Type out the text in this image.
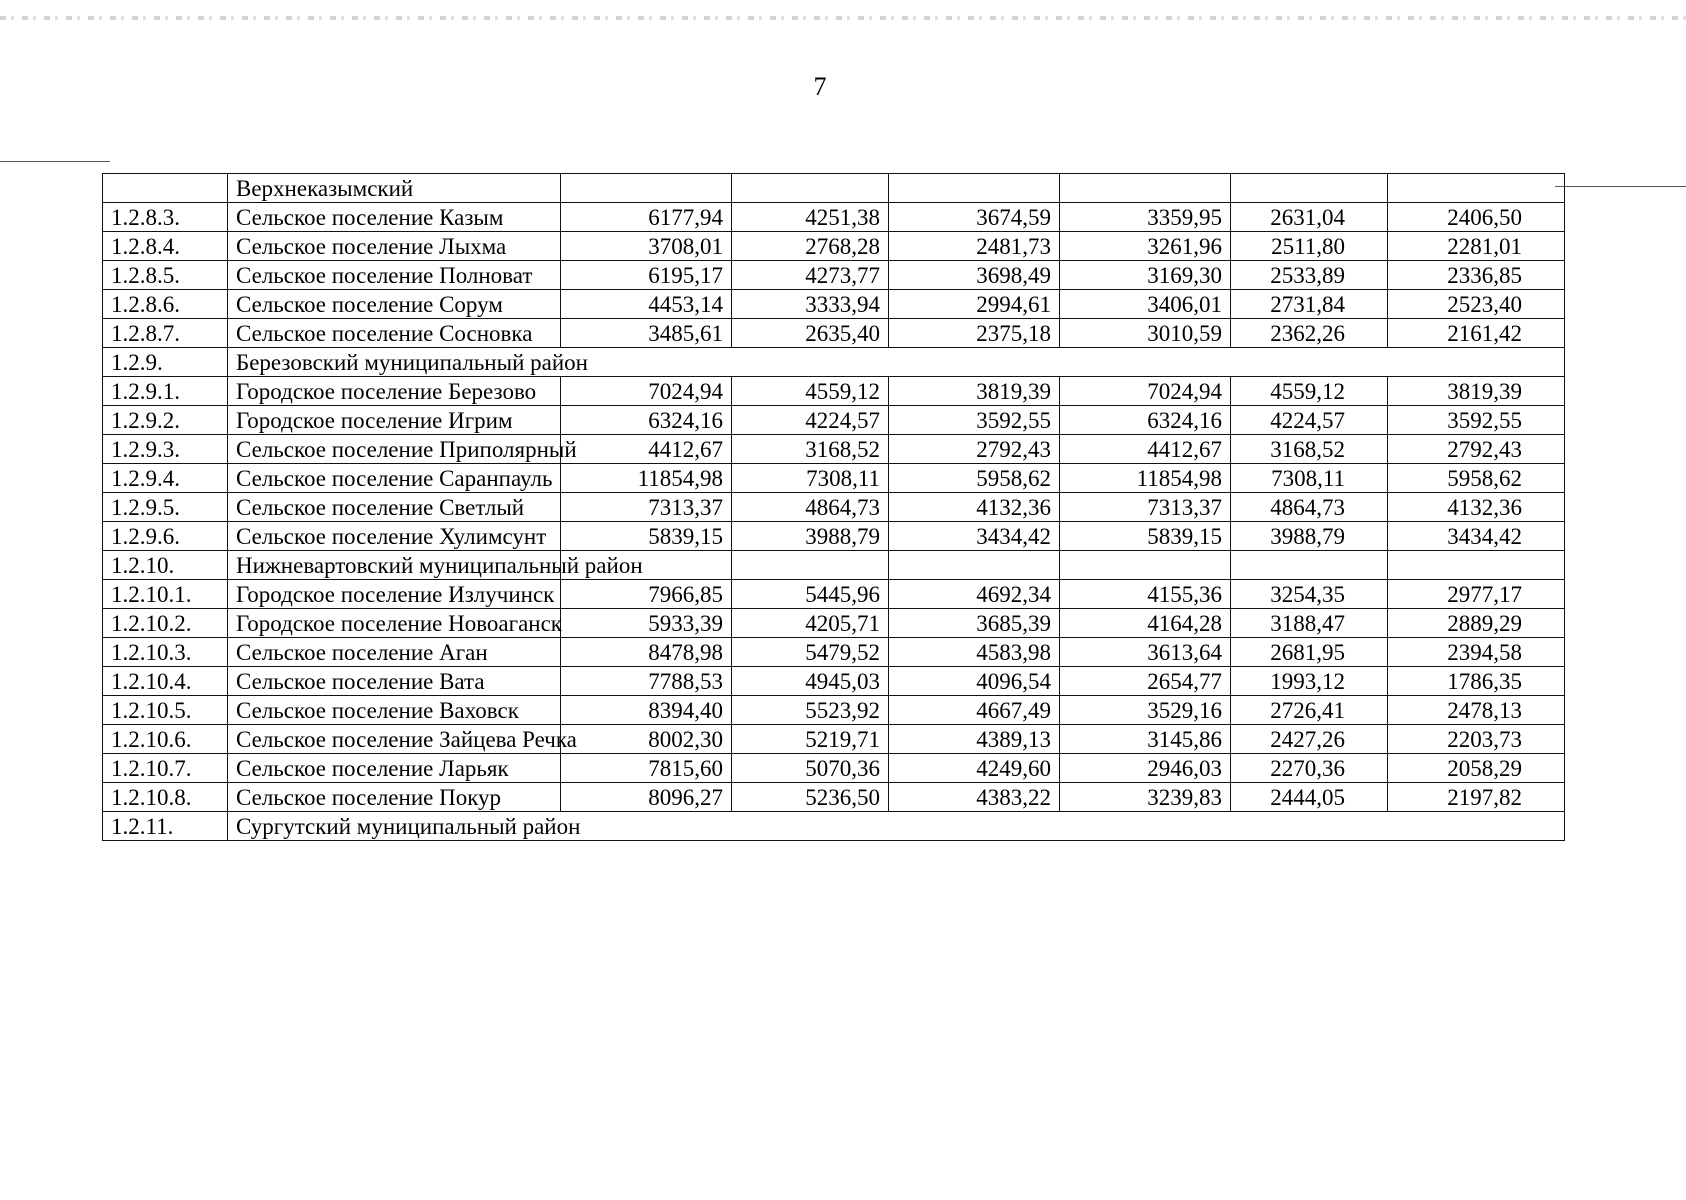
7
	Верхнеказымский						
1.2.8.3.	Сельское поселение Казым	6177,94	4251,38	3674,59	3359,95	2631,04	2406,50
1.2.8.4.	Сельское поселение Лыхма	3708,01	2768,28	2481,73	3261,96	2511,80	2281,01
1.2.8.5.	Сельское поселение Полноват	6195,17	4273,77	3698,49	3169,30	2533,89	2336,85
1.2.8.6.	Сельское поселение Сорум	4453,14	3333,94	2994,61	3406,01	2731,84	2523,40
1.2.8.7.	Сельское поселение Сосновка	3485,61	2635,40	2375,18	3010,59	2362,26	2161,42
1.2.9.	Березовский муниципальный район						
1.2.9.1.	Городское поселение Березово	7024,94	4559,12	3819,39	7024,94	4559,12	3819,39
1.2.9.2.	Городское поселение Игрим	6324,16	4224,57	3592,55	6324,16	4224,57	3592,55
1.2.9.3.	Сельское поселение Приполярный	4412,67	3168,52	2792,43	4412,67	3168,52	2792,43
1.2.9.4.	Сельское поселение Саранпауль	11854,98	7308,11	5958,62	11854,98	7308,11	5958,62
1.2.9.5.	Сельское поселение Светлый	7313,37	4864,73	4132,36	7313,37	4864,73	4132,36
1.2.9.6.	Сельское поселение Хулимсунт	5839,15	3988,79	3434,42	5839,15	3988,79	3434,42
1.2.10.	Нижневартовский муниципальный район						
1.2.10.1.	Городское поселение Излучинск	7966,85	5445,96	4692,34	4155,36	3254,35	2977,17
1.2.10.2.	Городское поселение Новоаганск	5933,39	4205,71	3685,39	4164,28	3188,47	2889,29
1.2.10.3.	Сельское поселение Аган	8478,98	5479,52	4583,98	3613,64	2681,95	2394,58
1.2.10.4.	Сельское поселение Вата	7788,53	4945,03	4096,54	2654,77	1993,12	1786,35
1.2.10.5.	Сельское поселение Ваховск	8394,40	5523,92	4667,49	3529,16	2726,41	2478,13
1.2.10.6.	Сельское поселение Зайцева Речка	8002,30	5219,71	4389,13	3145,86	2427,26	2203,73
1.2.10.7.	Сельское поселение Ларьяк	7815,60	5070,36	4249,60	2946,03	2270,36	2058,29
1.2.10.8.	Сельское поселение Покур	8096,27	5236,50	4383,22	3239,83	2444,05	2197,82
1.2.11.	Сургутский муниципальный район						
